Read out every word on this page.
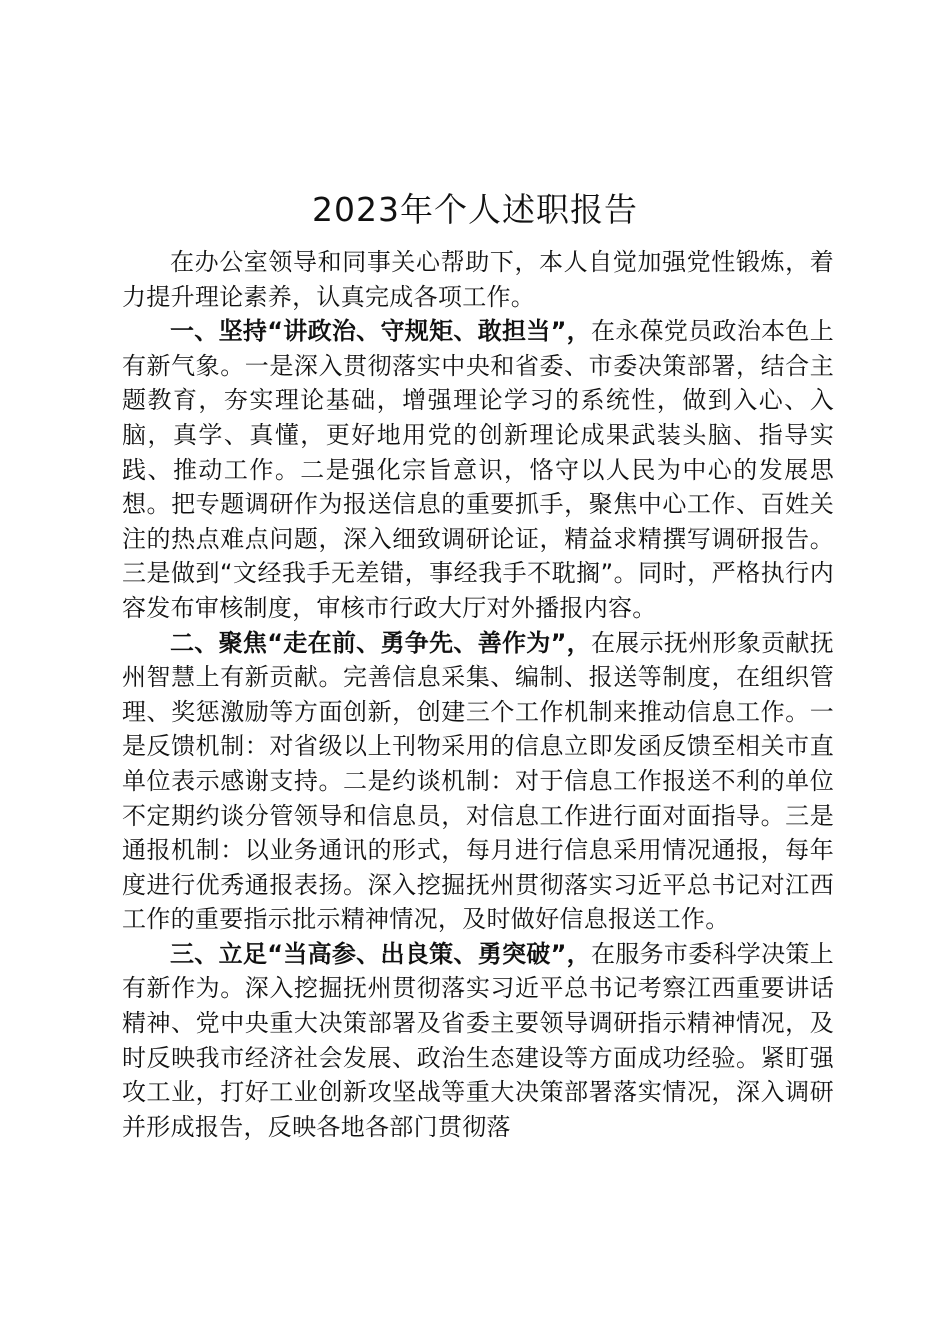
2023年个人述职报告

在办公室领导和同事关心帮助下，本人自觉加强党性锻炼，着力提升理论素养，认真完成各项工作。

一、坚持“讲政治、守规矩、敢担当”，在永葆党员政治本色上有新气象。一是深入贯彻落实中央和省委、市委决策部署，结合主题教育，夯实理论基础，增强理论学习的系统性，做到入心、入脑，真学、真懂，更好地用党的创新理论成果武装头脑、指导实践、推动工作。二是强化宗旨意识，恪守以人民为中心的发展思想。把专题调研作为报送信息的重要抓手，聚焦中心工作、百姓关注的热点难点问题，深入细致调研论证，精益求精撰写调研报告。三是做到“文经我手无差错，事经我手不耽搁”。同时，严格执行内容发布审核制度，审核市行政大厅对外播报内容。

二、聚焦“走在前、勇争先、善作为”，在展示抚州形象贡献抚州智慧上有新贡献。完善信息采集、编制、报送等制度，在组织管理、奖惩激励等方面创新，创建三个工作机制来推动信息工作。一是反馈机制：对省级以上刊物采用的信息立即发函反馈至相关市直单位表示感谢支持。二是约谈机制：对于信息工作报送不利的单位不定期约谈分管领导和信息员，对信息工作进行面对面指导。三是通报机制：以业务通讯的形式，每月进行信息采用情况通报，每年度进行优秀通报表扬。深入挖掘抚州贯彻落实习近平总书记对江西工作的重要指示批示精神情况，及时做好信息报送工作。

三、立足“当高参、出良策、勇突破”，在服务市委科学决策上有新作为。深入挖掘抚州贯彻落实习近平总书记考察江西重要讲话精神、党中央重大决策部署及省委主要领导调研指示精神情况，及时反映我市经济社会发展、政治生态建设等方面成功经验。紧盯强攻工业，打好工业创新攻坚战等重大决策部署落实情况，深入调研并形成报告，反映各地各部门贯彻落
